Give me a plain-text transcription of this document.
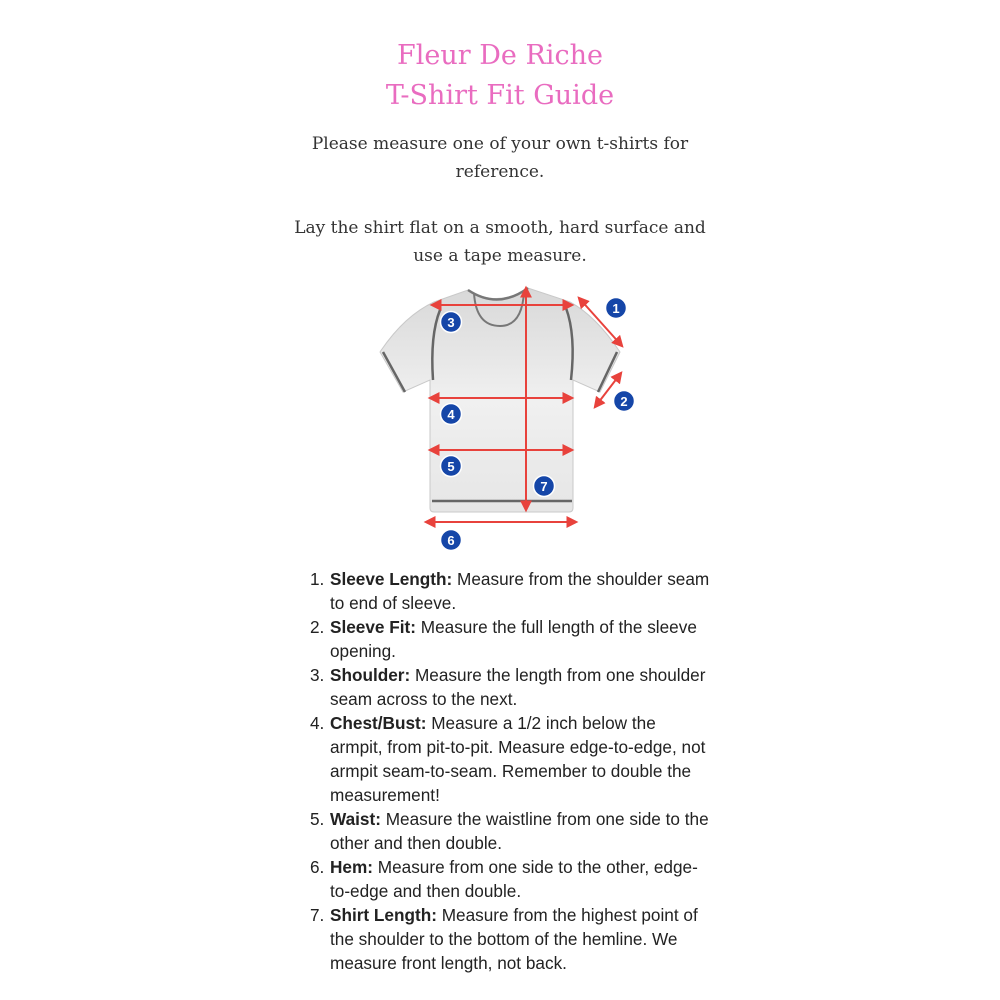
Fleur De Riche
T-Shirt Fit Guide
Please measure one of your own t-shirts for reference.
Lay the shirt flat on a smooth, hard surface and use a tape measure.
1
2
3
4
5
6
7
1. Sleeve Length: Measure from the shoulder seam to end of sleeve.
2. Sleeve Fit: Measure the full length of the sleeve opening.
3. Shoulder: Measure the length from one shoulder seam across to the next.
4. Chest/Bust: Measure a 1/2 inch below the armpit, from pit-to-pit. Measure edge-to-edge, not armpit seam-to-seam. Remember to double the measurement!
5. Waist: Measure the waistline from one side to the other and then double.
6. Hem: Measure from one side to the other, edge-to-edge and then double.
7. Shirt Length: Measure from the highest point of the shoulder to the bottom of the hemline. We measure front length, not back.
